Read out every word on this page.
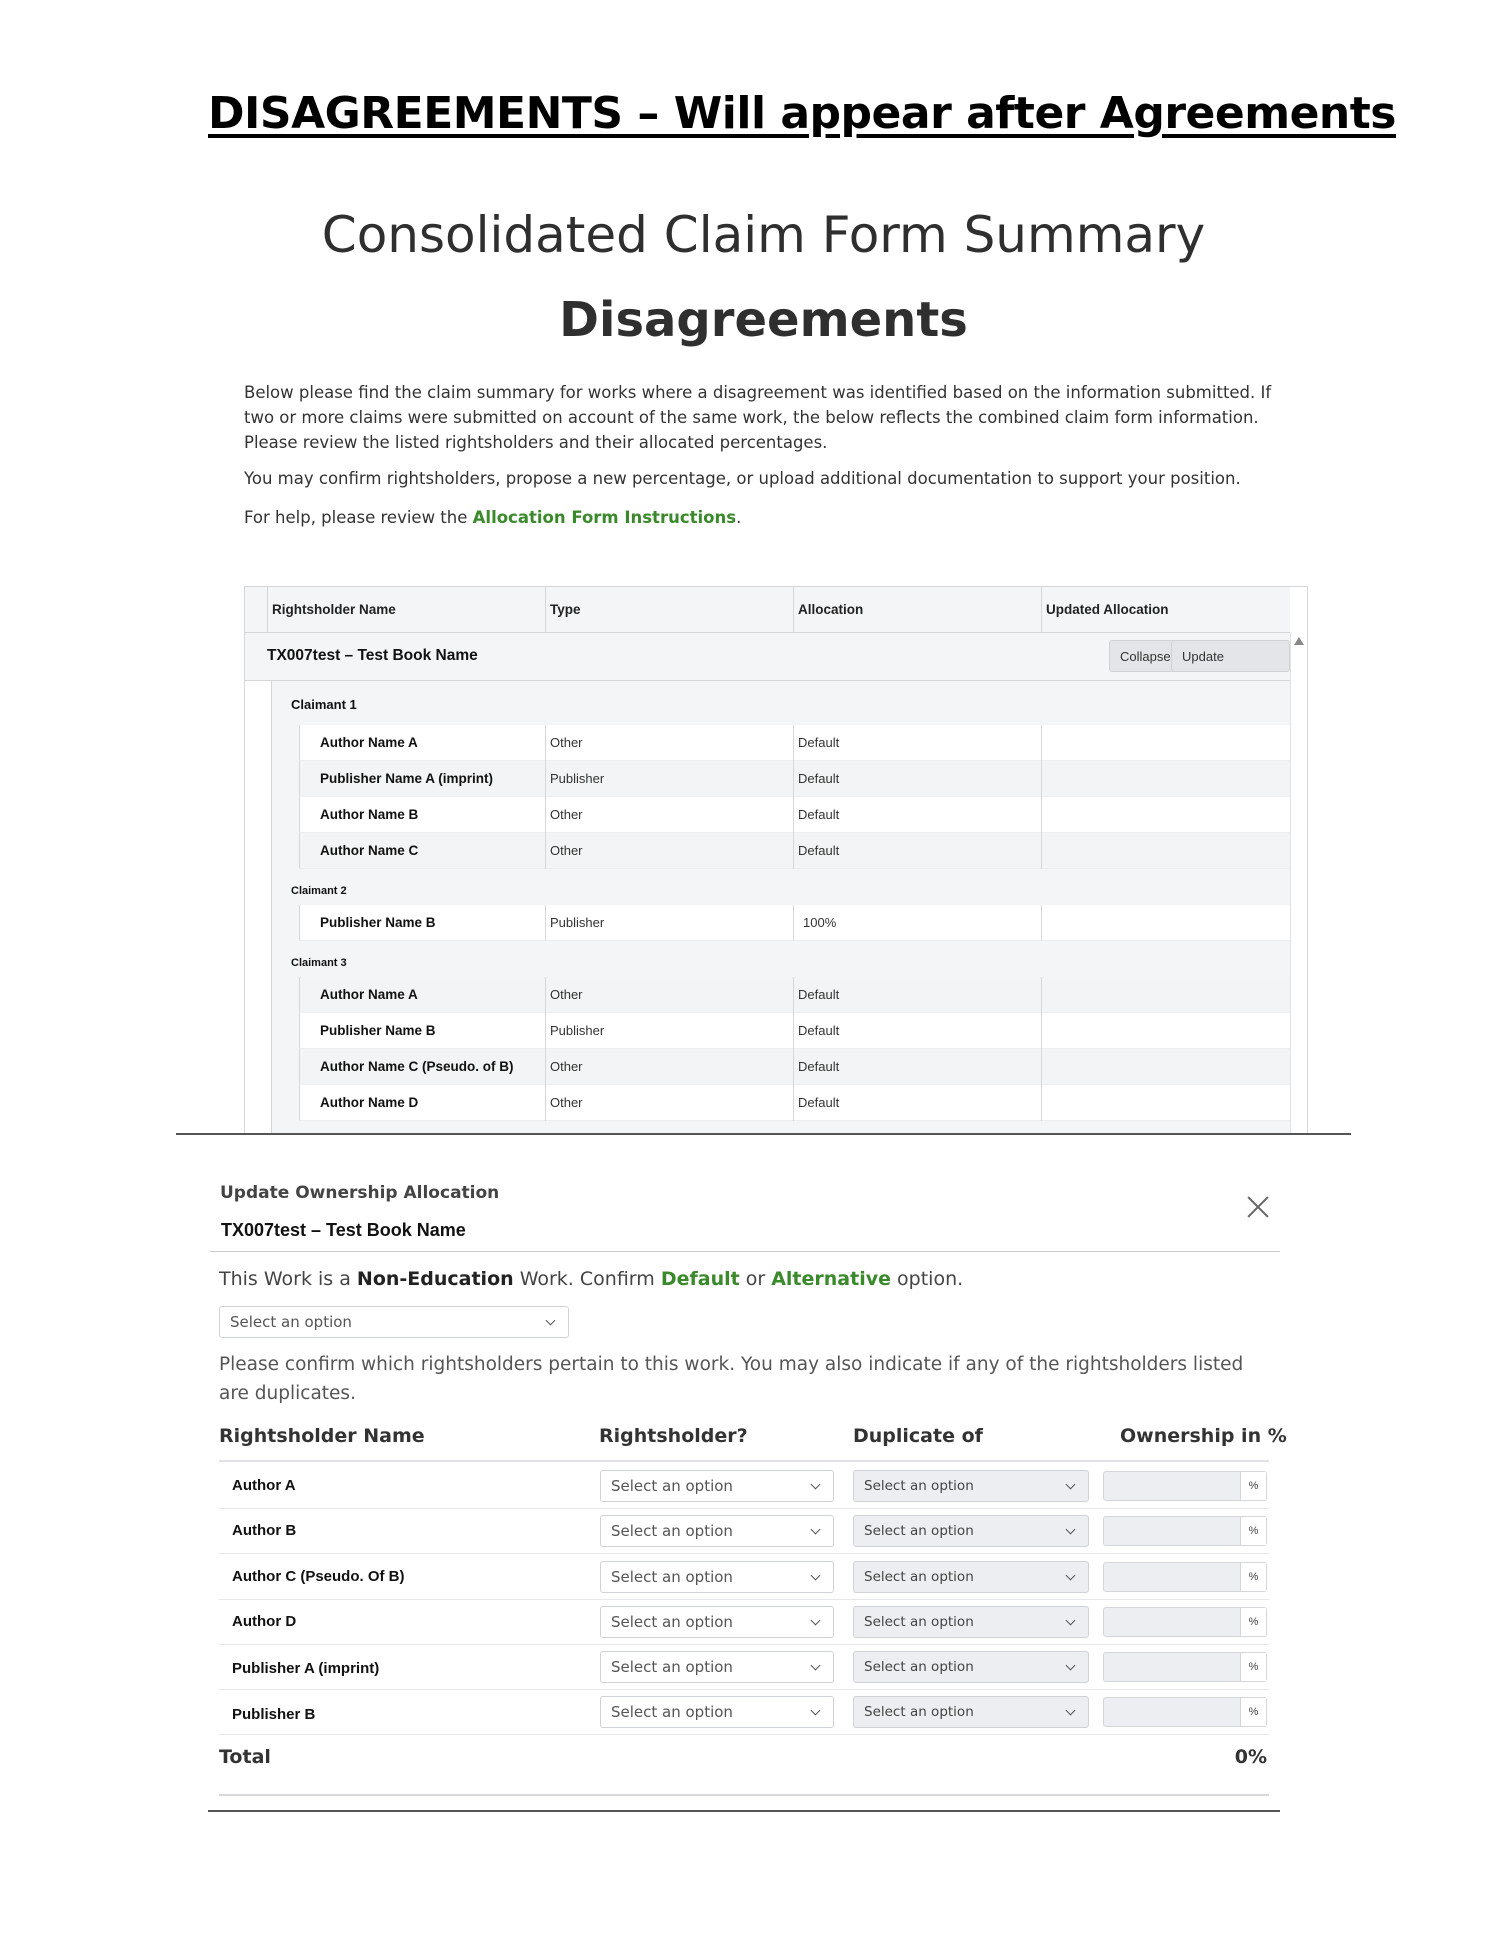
DISAGREEMENTS – Will appear after Agreements
Consolidated Claim Form Summary
Disagreements

Below please find the claim summary for works where a disagreement was identified based on the information submitted. If two or more claims were submitted on account of the same work, the below reflects the combined claim form information. Please review the listed rightsholders and their allocated percentages.

You may confirm rightsholders, propose a new percentage, or upload additional documentation to support your position.

For help, please review the Allocation Form Instructions.

Rightsholder Name	Type	Allocation	Updated Allocation
TX007test – Test Book Name	Collapse Update
Claimant 1
Author Name A	Other	Default
Publisher Name A (imprint)	Publisher	Default
Author Name B	Other	Default
Author Name C	Other	Default
Claimant 2
Publisher Name B	Publisher	100%
Claimant 3
Author Name A	Other	Default
Publisher Name B	Publisher	Default
Author Name C (Pseudo. of B)	Other	Default
Author Name D	Other	Default
Update Ownership Allocation
TX007test – Test Book Name
This Work is a Non-Education Work. Confirm Default or Alternative option.
Select an option

Please confirm which rightsholders pertain to this work. You may also indicate if any of the rightsholders listed are duplicates.

Rightsholder Name	Rightsholder?	Duplicate of	Ownership in %
Author A	Select an option	Select an option	%
Author B	Select an option	Select an option	%
Author C (Pseudo. Of B)	Select an option	Select an option	%
Author D	Select an option	Select an option	%
Publisher A (imprint)	Select an option	Select an option	%
Publisher B	Select an option	Select an option	%
Total	0%
